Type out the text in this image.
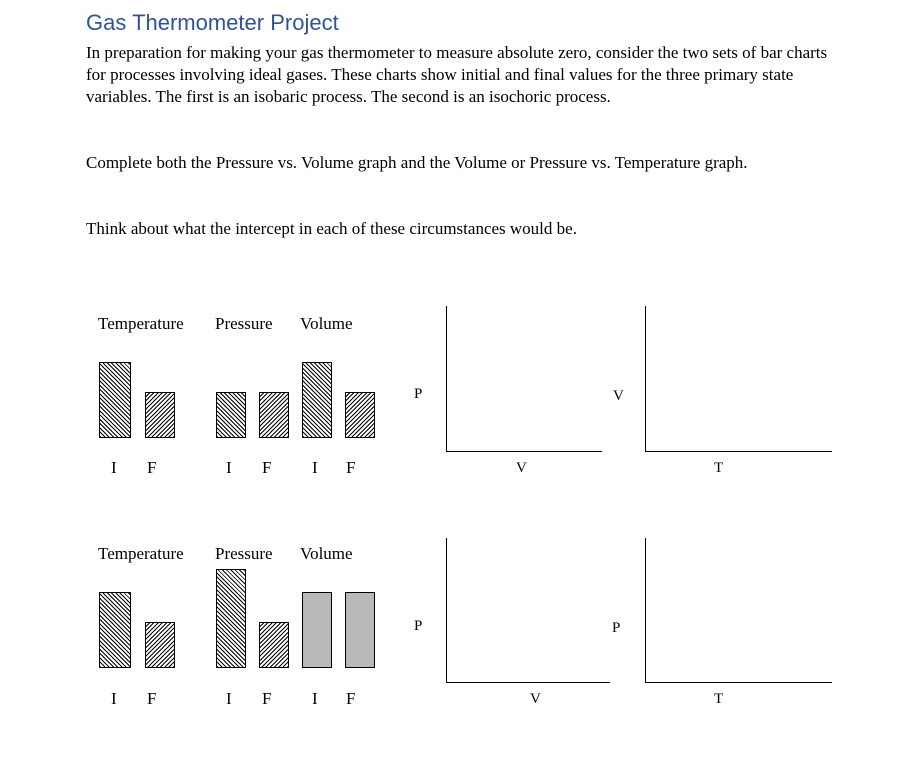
Gas Thermometer Project

In preparation for making your gas thermometer to measure absolute zero, consider the two sets of bar charts for processes involving ideal gases. These charts show initial and final values for the three primary state variables. The first is an isobaric process. The second is an isochoric process.

Complete both the Pressure vs. Volume graph and the Volume or Pressure vs. Temperature graph.

Think about what the intercept in each of these circumstances would be.

Temperature Pressure Volume
I F	I F I F
P
V
V
T
Temperature Pressure Volume
I F	I F I F
P
V
P
T
